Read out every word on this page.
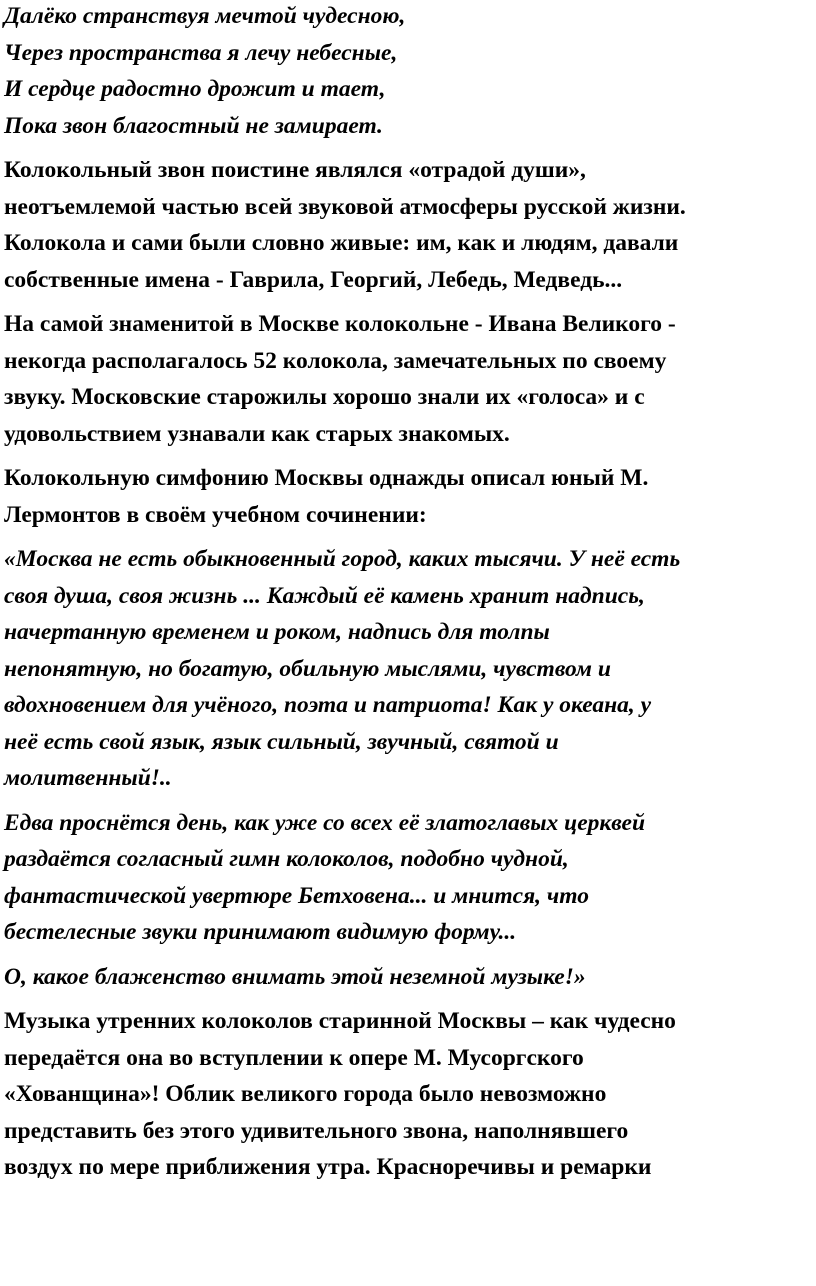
Далёко странствуя мечтой чудесною,
Через пространства я лечу небесные,
И сердце радостно дрожит и тает,
Пока звон благостный не замирает.
Колокольный звон поистине являлся «отрадой души»,
неотъемлемой частью всей звуковой атмосферы русской жизни.
Колокола и сами были словно живые: им, как и людям, давали
собственные имена - Гаврила, Георгий, Лебедь, Медведь...
На самой знаменитой в Москве колокольне - Ивана Великого -
некогда располагалось 52 колокола, замечательных по своему
звуку. Московские старожилы хорошо знали их «голоса» и с
удовольствием узнавали как старых знакомых.
Колокольную симфонию Москвы однажды описал юный М.
Лермонтов в своём учебном сочинении:
«Москва не есть обыкновенный город, каких тысячи. У неё есть
своя душа, своя жизнь ... Каждый её камень хранит надпись,
начертанную временем и роком, надпись для толпы
непонятную, но богатую, обильную мыслями, чувством и
вдохновением для учёного, поэта и патриота! Как у океана, у
неё есть свой язык, язык сильный, звучный, святой и
молитвенный!..
Едва проснётся день, как уже со всех её златоглавых церквей
раздаётся согласный гимн колоколов, подобно чудной,
фантастической увертюре Бетховена... и мнится, что
бестелесные звуки принимают видимую форму...
О, какое блаженство внимать этой неземной музыке!»
Музыка утренних колоколов старинной Москвы – как чудесно
передаётся она во вступлении к опере М. Мусоргского
«Хованщина»! Облик великого города было невозможно
представить без этого удивительного звона, наполнявшего
воздух по мере приближения утра. Красноречивы и ремарки
